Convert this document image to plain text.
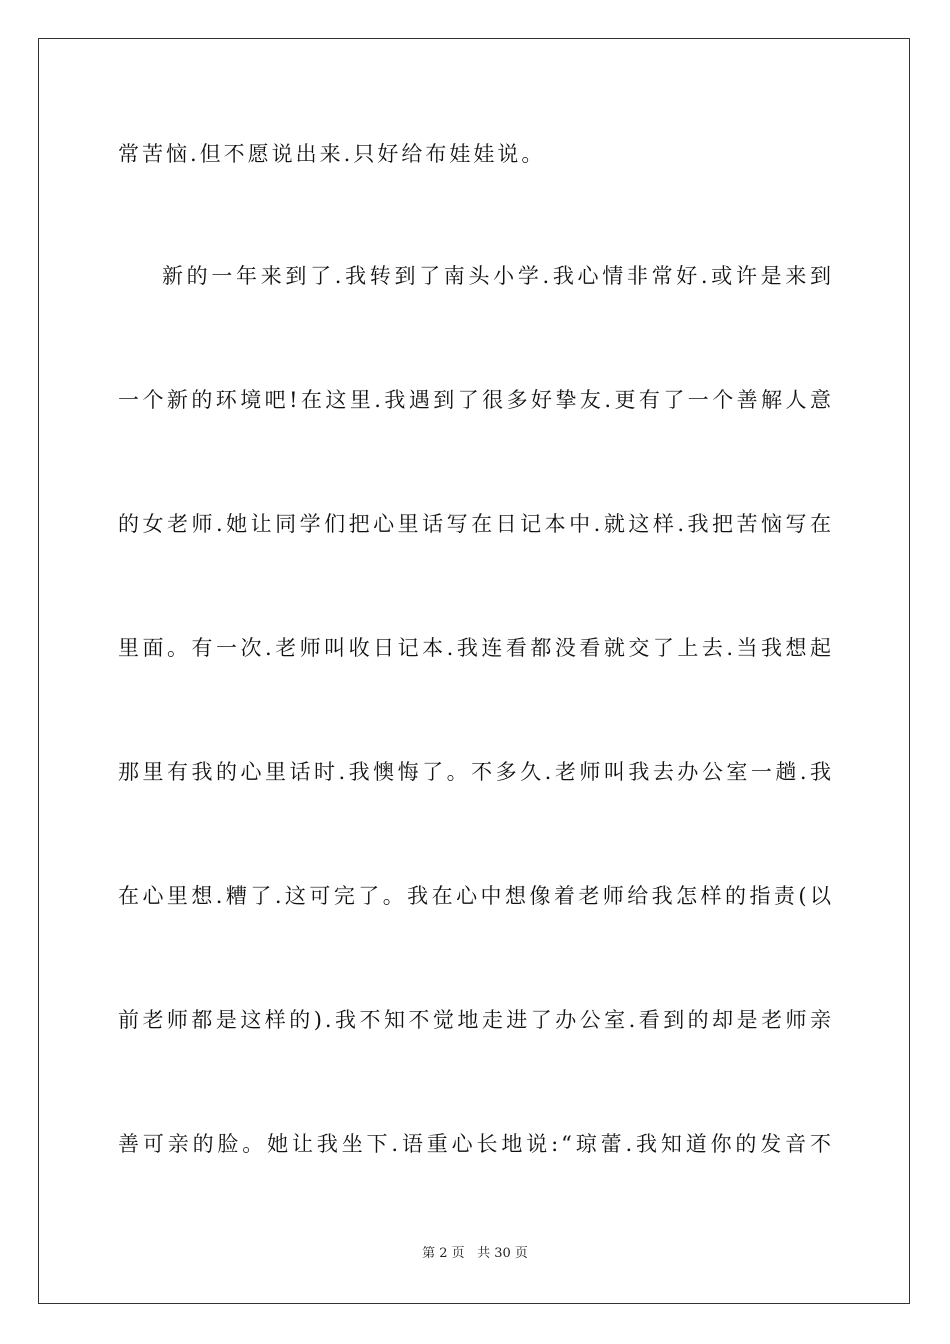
常苦恼.但不愿说出来.只好给布娃娃说。
新的一年来到了.我转到了南头小学.我心情非常好.或许是来到
一个新的环境吧!在这里.我遇到了很多好挚友.更有了一个善解人意
的女老师.她让同学们把心里话写在日记本中.就这样.我把苦恼写在
里面。有一次.老师叫收日记本.我连看都没看就交了上去.当我想起
那里有我的心里话时.我懊悔了。不多久.老师叫我去办公室一趟.我
在心里想.糟了.这可完了。我在心中想像着老师给我怎样的指责(以
前老师都是这样的).我不知不觉地走进了办公室.看到的却是老师亲
善可亲的脸。她让我坐下.语重心长地说:“琼蕾.我知道你的发音不
第 2 页 共 30 页
